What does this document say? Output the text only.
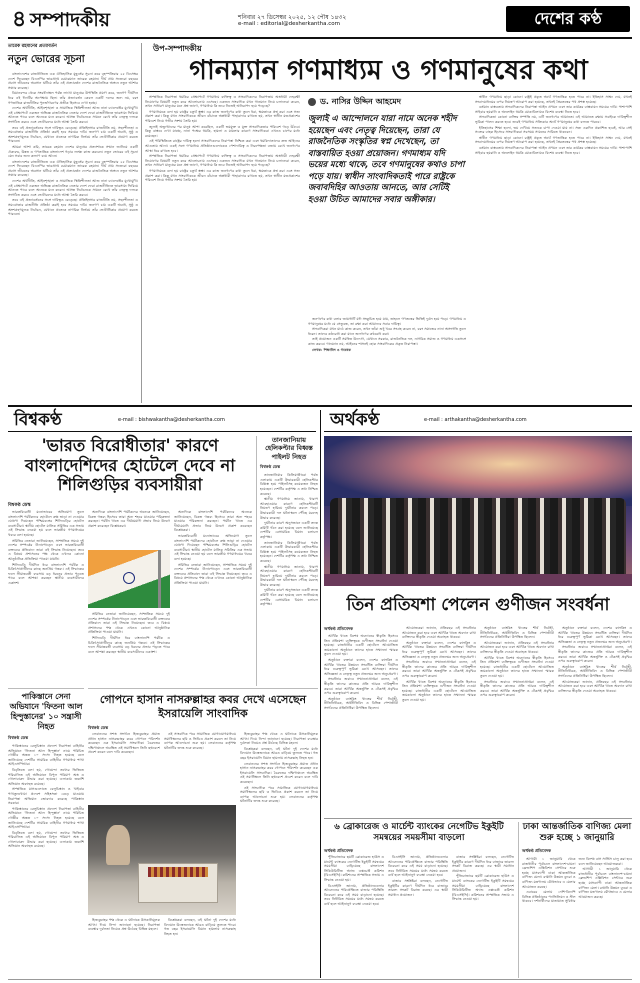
৪ সম্পাদকীয়	শনিবার ২৭ ডিসেম্বর ২০২৫, ১২ পৌষ ১৪৩২
e-mail : editorial@desherkantha.com	দেশের কণ্ঠ
তারেক রহমানের প্রত্যাবর্তন
নতুন ভোরের সূচনা

বাংলাদেশের রাজনীতিতে এক ঐতিহাসিক মুহূর্তের সূচনা করে বৃহস্পতিবার ২৫ ডিসেম্বর দেশে ফিরেছেন বিএনপির ভারপ্রাপ্ত চেয়ারম্যান তারেক রহমান। দীর্ঘ প্রায় সতেরো বছরের প্রবাস জীবনের অবসান ঘটিয়ে তাঁর এই প্রত্যাবর্তন দেশের রাজনৈতিক অঙ্গনে নতুন আশার সঞ্চার করেছে।

বিমানবন্দর থেকে সংবর্ধনাস্থল পর্যন্ত লাখো মানুষের উপস্থিতি প্রমাণ করে, জনগণ দীর্ঘদিন ধরে এই দিনটির অপেক্ষায় ছিল। তাঁর প্রত্যাবর্তন কেবল একটি দলের জন্য নয়, বরং গণতান্ত্রিক রাজনীতির পুনর্জাগরণের প্রতীক হিসেবে দেখা হচ্ছে।

দেশের অর্থনীতি, আইনশৃঙ্খলা ও সামাজিক স্থিতিশীলতা আজ নানা চ্যালেঞ্জের মুখোমুখি। এই প্রেক্ষাপটে একজন অভিজ্ঞ রাজনৈতিক নেতার দেশে ফেরা রাজনীতিতে ভারসাম্য ফিরিয়ে আনতে পারে বলে অনেকে মনে করেন। আসন্ন নির্বাচনকে সামনে রেখে তাঁর নেতৃত্ব দলকে সংগঠিত করবে এবং ভোটারদের মধ্যে আস্থা তৈরি করবে।

তবে এই প্রত্যাবর্তনের সঙ্গে দায়িত্বও বেড়েছে। প্রতিহিংসার রাজনীতি নয়, সহনশীলতা ও সমঝোতার রাজনীতি প্রতিষ্ঠা করাই হবে সময়ের দাবি। জনগণ চায় একটি অবাধ, সুষ্ঠু ও অংশগ্রহণমূলক নির্বাচন, যেখানে প্রত্যেক নাগরিক নির্ভয়ে তাঁর ভোটাধিকার প্রয়োগ করতে পারবেন।

আমরা আশা করি, তারেক রহমান দেশের মানুষের প্রত্যাশাকে সম্মান জানিয়ে একটি ঐক্যবদ্ধ, উন্নত ও গণতান্ত্রিক বাংলাদেশ গড়ার লক্ষ্যে কাজ করবেন। নতুন ভোরের এই সূচনা যেন সবার জন্য কল্যাণ বয়ে আনে।

বাংলাদেশের রাজনীতিতে এক ঐতিহাসিক মুহূর্তের সূচনা করে বৃহস্পতিবার ২৫ ডিসেম্বর দেশে ফিরেছেন বিএনপির ভারপ্রাপ্ত চেয়ারম্যান তারেক রহমান। দীর্ঘ প্রায় সতেরো বছরের প্রবাস জীবনের অবসান ঘটিয়ে তাঁর এই প্রত্যাবর্তন দেশের রাজনৈতিক অঙ্গনে নতুন আশার সঞ্চার করেছে।

দেশের অর্থনীতি, আইনশৃঙ্খলা ও সামাজিক স্থিতিশীলতা আজ নানা চ্যালেঞ্জের মুখোমুখি। এই প্রেক্ষাপটে একজন অভিজ্ঞ রাজনৈতিক নেতার দেশে ফেরা রাজনীতিতে ভারসাম্য ফিরিয়ে আনতে পারে বলে অনেকে মনে করেন। আসন্ন নির্বাচনকে সামনে রেখে তাঁর নেতৃত্ব দলকে সংগঠিত করবে এবং ভোটারদের মধ্যে আস্থা তৈরি করবে।

তবে এই প্রত্যাবর্তনের সঙ্গে দায়িত্বও বেড়েছে। প্রতিহিংসার রাজনীতি নয়, সহনশীলতা ও সমঝোতার রাজনীতি প্রতিষ্ঠা করাই হবে সময়ের দাবি। জনগণ চায় একটি অবাধ, সুষ্ঠু ও অংশগ্রহণমূলক নির্বাচন, যেখানে প্রত্যেক নাগরিক নির্ভয়ে তাঁর ভোটাধিকার প্রয়োগ করতে পারবেন।

উপ-সম্পাদকীয়
গানম্যান গণমাধ্যম ও গণমানুষের কথা

সাম্প্রতিক নিরাপত্তা হুমকির প্রেক্ষাপটে গণমাধ্যম ব্যক্তিত্ব ও সাংবাদিকদের নিরাপত্তায় অস্ত্রধারী দেহরক্ষী নিয়োগের বিষয়টি নতুন করে আলোচনায় এসেছে। একজন সাংবাদিক যখন গানম্যান নিয়ে চলাফেরা করেন, তখন সাধারণ মানুষের মনে প্রশ্ন জাগে, গণমাধ্যম কি তবে নিজেই অনিরাপদ হয়ে পড়েছে?

গণমাধ্যমকে বলা হয় রাষ্ট্রের চতুর্থ স্তম্ভ। এর কাজ জনগণের কথা তুলে ধরা, ক্ষমতাকে প্রশ্ন করা এবং সত্য প্রকাশ করা। কিন্তু যখন সাংবাদিককে জীবন বাঁচাতে অস্ত্রধারী পাহারাদার রাখতে হয়, তখন স্বাধীন মতপ্রকাশের পরিবেশ নিয়ে গভীর সংশয় তৈরি হয়।

জুলাই অভ্যুত্থানের পর মানুষ আশা করেছিল, একটি ভয়মুক্ত ও মুক্ত সাংবাদিকতার পরিবেশ গড়ে উঠবে। কিন্তু বাস্তবে দেখা যাচ্ছে, নানা পক্ষের হুমকি, হামলা ও মামলার কারণে সাংবাদিকরা এখনও চাপের মধ্যে রয়েছেন।

এই পরিস্থিতিতে রাষ্ট্রের দায়িত্ব হলো সাংবাদিকদের নিরাপত্তা নিশ্চিত করা এবং হুমকিদাতাদের দ্রুত আইনের আওতায় আনা। একই সঙ্গে গণমাধ্যম প্রতিষ্ঠানগুলোকেও পেশাদারিত্ব ও নিরপেক্ষতা বজায় রেখে জনগণের আস্থা ধরে রাখতে হবে।

সাম্প্রতিক নিরাপত্তা হুমকির প্রেক্ষাপটে গণমাধ্যম ব্যক্তিত্ব ও সাংবাদিকদের নিরাপত্তায় অস্ত্রধারী দেহরক্ষী নিয়োগের বিষয়টি নতুন করে আলোচনায় এসেছে। একজন সাংবাদিক যখন গানম্যান নিয়ে চলাফেরা করেন, তখন সাধারণ মানুষের মনে প্রশ্ন জাগে, গণমাধ্যম কি তবে নিজেই অনিরাপদ হয়ে পড়েছে?

গণমাধ্যমকে বলা হয় রাষ্ট্রের চতুর্থ স্তম্ভ। এর কাজ জনগণের কথা তুলে ধরা, ক্ষমতাকে প্রশ্ন করা এবং সত্য প্রকাশ করা। কিন্তু যখন সাংবাদিককে জীবন বাঁচাতে অস্ত্রধারী পাহারাদার রাখতে হয়, তখন স্বাধীন মতপ্রকাশের পরিবেশ নিয়ে গভীর সংশয় তৈরি হয়।

ড. নাসির উদ্দিন আহমেদ
জুলাই এ আন্দোলনে যারা নামে অনেক শহীদ হয়েছেন এবং নেতৃত্ব দিয়েছেন, তারা যে রাজনৈতিক সংস্কৃতির স্বপ্ন দেখেছেন, তা বাস্তবায়িত হওয়া প্রয়োজন। গণমাধ্যম যদি ভয়ের মধ্যে থাকে, তবে গণমানুষের কথাও চাপা পড়ে যায়। স্বাধীন সাংবাদিকতাই পারে রাষ্ট্রকে জবাবদিহির আওতায় আনতে, আর সেটিই হওয়া উচিত আমাদের সবার অঙ্গীকার।

জনগণের কথা বলার জায়গাটি যদি সংকুচিত হয়ে যায়, তাহলে গণতন্ত্রের ভিত্তিই দুর্বল হয়ে পড়ে। গণমাধ্যম ও গণমানুষের মধ্যে যে সেতুবন্ধ, তা রক্ষা করা আমাদের সবার দায়িত্ব।

সাংবাদিকরা যখন মাঠে কাজ করেন, তখন তাঁরা শুধু খবর সংগ্রহ করেন না, বরং সমাজের নানা অসংগতি তুলে ধরেন। তাদের কণ্ঠরোধ করা মানে জনগণের কণ্ঠরোধ করা।

তাই প্রয়োজন একটি সমন্বিত উদ্যোগ, যেখানে সরকার, রাজনৈতিক দল, নাগরিক সমাজ ও গণমাধ্যম একসঙ্গে কাজ করবে। গানম্যান নয়, আইনের শাসনই হোক সাংবাদিকের প্রকৃত নিরাপত্তা।

লেখক: শিক্ষাবিদ ও গবেষক

স্বাধীন গণমাধ্যম ছাড়া কোনো রাষ্ট্রই প্রকৃত অর্থে গণতান্ত্রিক হতে পারে না। ইতিহাস সাক্ষ্য দেয়, যখনই সংবাদমাধ্যমের ওপর নিয়ন্ত্রণ আরোপ করা হয়েছে, তখনই স্বৈরতন্ত্রের পথ প্রশস্ত হয়েছে।

বর্তমান বাস্তবতায় সাংবাদিকদের নিরাপত্তা আইন প্রণয়ন এবং তার কার্যকর বাস্তবায়ন সময়ের দাবি। পাশাপাশি সাইবার হয়রানি ও অনলাইন হুমকি মোকাবিলায়ও বিশেষ ব্যবস্থা নিতে হবে।

সাংবাদিকতা কোনো ব্যক্তির সম্পত্তি নয়, এটি জনগণের আমানত। এই আমানত রক্ষায় সবাইকে দায়িত্বশীল ভূমিকা পালন করতে হবে। তবেই গণমাধ্যম সত্যিকার অর্থে গণমানুষের কথা বলতে পারবে।

ইতিহাসের শিক্ষা হলো, ভয় দেখিয়ে সত্যকে চাপা দেওয়া যায় না। সত্য একদিন প্রকাশিত হবেই, আর সেই সত্যের বাহক হিসেবে সাংবাদিকরা সবসময় সামনের সারিতে থাকবেন।

স্বাধীন গণমাধ্যম ছাড়া কোনো রাষ্ট্রই প্রকৃত অর্থে গণতান্ত্রিক হতে পারে না। ইতিহাস সাক্ষ্য দেয়, যখনই সংবাদমাধ্যমের ওপর নিয়ন্ত্রণ আরোপ করা হয়েছে, তখনই স্বৈরতন্ত্রের পথ প্রশস্ত হয়েছে।

বর্তমান বাস্তবতায় সাংবাদিকদের নিরাপত্তা আইন প্রণয়ন এবং তার কার্যকর বাস্তবায়ন সময়ের দাবি। পাশাপাশি সাইবার হয়রানি ও অনলাইন হুমকি মোকাবিলায়ও বিশেষ ব্যবস্থা নিতে হবে।

বিশ্বকণ্ঠ	e-mail : bishwakantha@desherkantha.com	অর্থকণ্ঠ	e-mail : arthakantha@desherkantha.com
'ভারত বিরোধীতার' কারণে বাংলাদেশিদের হোটেলে দেবে না শিলিগুড়ির ব্যবসায়ীরা
বিশ্বকণ্ঠ ডেস্ক

ভারতবিরোধী মনোভাবের অভিযোগ তুলে বাংলাদেশি পর্যটকদের হোটেলে কক্ষ ভাড়া না দেওয়ার ঘোষণা দিয়েছেন পশ্চিমবঙ্গের শিলিগুড়ির হোটেল ব্যবসায়ীরা। স্থানীয় হোটেল মালিক সমিতির এক সভায় এই সিদ্ধান্ত নেওয়া হয় বলে ভারতীয় গণমাধ্যমের খবরে বলা হয়েছে।

সমিতির নেতারা জানিয়েছেন, সাম্প্রতিক সময়ে দুই দেশের সম্পর্কের টানাপোড়েন এবং ভারতবিরোধী বক্তব্যের প্রতিবাদে তারা এই সিদ্ধান্ত নিয়েছেন। তবে এ বিষয়ে প্রশাসনের পক্ষ থেকে এখনও কোনো আনুষ্ঠানিক প্রতিক্রিয়া পাওয়া যায়নি।

শিলিগুড়ি দীর্ঘদিন ধরে বাংলাদেশি পর্যটক ও চিকিৎসাপ্রার্থীদের কাছে জনপ্রিয় গন্তব্য। এই সিদ্ধান্তের ফলে সীমান্তবর্তী ব্যবসায় বড় ধরনের প্রভাব পড়তে পারে বলে আশঙ্কা করছেন স্থানীয় ব্যবসায়ীদের একাংশ।

অন্যদিকে বাংলাদেশি পর্যটকদের অনেকে জানিয়েছেন, বিকল্প গন্তব্য হিসেবে তারা অন্য শহরে যাওয়ার পরিকল্পনা করছেন। পর্যটন খাতে এর দীর্ঘমেয়াদি প্রভাব নিয়ে উদ্বেগ প্রকাশ করেছেন বিশ্লেষকরা।

সমিতির নেতারা জানিয়েছেন, সাম্প্রতিক সময়ে দুই দেশের সম্পর্কের টানাপোড়েন এবং ভারতবিরোধী বক্তব্যের প্রতিবাদে তারা এই সিদ্ধান্ত নিয়েছেন। তবে এ বিষয়ে প্রশাসনের পক্ষ থেকে এখনও কোনো আনুষ্ঠানিক প্রতিক্রিয়া পাওয়া যায়নি।

শিলিগুড়ি দীর্ঘদিন ধরে বাংলাদেশি পর্যটক ও চিকিৎসাপ্রার্থীদের কাছে জনপ্রিয় গন্তব্য। এই সিদ্ধান্তের ফলে সীমান্তবর্তী ব্যবসায় বড় ধরনের প্রভাব পড়তে পারে বলে আশঙ্কা করছেন স্থানীয় ব্যবসায়ীদের একাংশ।

অন্যদিকে বাংলাদেশি পর্যটকদের অনেকে জানিয়েছেন, বিকল্প গন্তব্য হিসেবে তারা অন্য শহরে যাওয়ার পরিকল্পনা করছেন। পর্যটন খাতে এর দীর্ঘমেয়াদি প্রভাব নিয়ে উদ্বেগ প্রকাশ করেছেন বিশ্লেষকরা।

ভারতবিরোধী মনোভাবের অভিযোগ তুলে বাংলাদেশি পর্যটকদের হোটেলে কক্ষ ভাড়া না দেওয়ার ঘোষণা দিয়েছেন পশ্চিমবঙ্গের শিলিগুড়ির হোটেল ব্যবসায়ীরা। স্থানীয় হোটেল মালিক সমিতির এক সভায় এই সিদ্ধান্ত নেওয়া হয় বলে ভারতীয় গণমাধ্যমের খবরে বলা হয়েছে।

সমিতির নেতারা জানিয়েছেন, সাম্প্রতিক সময়ে দুই দেশের সম্পর্কের টানাপোড়েন এবং ভারতবিরোধী বক্তব্যের প্রতিবাদে তারা এই সিদ্ধান্ত নিয়েছেন। তবে এ বিষয়ে প্রশাসনের পক্ষ থেকে এখনও কোনো আনুষ্ঠানিক প্রতিক্রিয়া পাওয়া যায়নি।

তানজানিয়ায় হেলিকপ্টার বিধ্বস্ত পাইলট নিহত
বিশ্বকণ্ঠ ডেস্ক

তানজানিয়ার কিলিমাঞ্জারো পর্বত এলাকায় একটি উদ্ধারকারী হেলিকপ্টার বিধ্বস্ত হয়ে পাইলটসহ কয়েকজন নিহত হয়েছেন। দেশটির কর্তৃপক্ষ এ তথ্য নিশ্চিত করেছে।

স্থানীয় গণমাধ্যম জানায়, খারাপ আবহাওয়ার কারণে হেলিকপ্টারটি নিয়ন্ত্রণ হারিয়ে দুর্ঘটনার কবলে পড়ে। উদ্ধারকারী দল ঘটনাস্থলে পৌঁছে মরদেহ উদ্ধার করেছে।

দুর্ঘটনার কারণ অনুসন্ধানে একটি তদন্ত কমিটি গঠন করা হয়েছে বলে জানিয়েছে দেশটির বেসামরিক বিমান চলাচল কর্তৃপক্ষ।

তানজানিয়ার কিলিমাঞ্জারো পর্বত এলাকায় একটি উদ্ধারকারী হেলিকপ্টার বিধ্বস্ত হয়ে পাইলটসহ কয়েকজন নিহত হয়েছেন। দেশটির কর্তৃপক্ষ এ তথ্য নিশ্চিত করেছে।

স্থানীয় গণমাধ্যম জানায়, খারাপ আবহাওয়ার কারণে হেলিকপ্টারটি নিয়ন্ত্রণ হারিয়ে দুর্ঘটনার কবলে পড়ে। উদ্ধারকারী দল ঘটনাস্থলে পৌঁছে মরদেহ উদ্ধার করেছে।

দুর্ঘটনার কারণ অনুসন্ধানে একটি তদন্ত কমিটি গঠন করা হয়েছে বলে জানিয়েছে দেশটির বেসামরিক বিমান চলাচল কর্তৃপক্ষ।

পাকিস্তানে সেনা অভিযানে 'ফিতনা আল হিন্দুস্তানের' ১০ সন্ত্রাসী নিহত
বিশ্বকণ্ঠ ডেস্ক

পাকিস্তানের বেলুচিস্তান প্রদেশে নিরাপত্তা বাহিনীর অভিযানে 'ফিতনা আল হিন্দুস্তান' নামে পরিচিত গোষ্ঠীর অন্তত ১০ সদস্য নিহত হয়েছে বলে জানিয়েছে দেশটির সামরিক বাহিনীর গণমাধ্যম শাখা আইএসপিআর।

বিবৃতিতে বলা হয়, গোয়েন্দা তথ্যের ভিত্তিতে পরিচালিত এই অভিযানে বিপুল পরিমাণ অস্ত্র ও গোলাবারুদ উদ্ধার করা হয়েছে। এলাকায় তল্লাশি অভিযান অব্যাহত রয়েছে।

সাম্প্রতিক মাসগুলোতে বেলুচিস্তান ও খাইবার পাখতুনখোয়া প্রদেশে সহিংসতা বেড়ে যাওয়ায় নিরাপত্তা অভিযান জোরদার করেছে পাকিস্তান সরকার।

পাকিস্তানের বেলুচিস্তান প্রদেশে নিরাপত্তা বাহিনীর অভিযানে 'ফিতনা আল হিন্দুস্তান' নামে পরিচিত গোষ্ঠীর অন্তত ১০ সদস্য নিহত হয়েছে বলে জানিয়েছে দেশটির সামরিক বাহিনীর গণমাধ্যম শাখা আইএসপিআর।

বিবৃতিতে বলা হয়, গোয়েন্দা তথ্যের ভিত্তিতে পরিচালিত এই অভিযানে বিপুল পরিমাণ অস্ত্র ও গোলাবারুদ উদ্ধার করা হয়েছে। এলাকায় তল্লাশি অভিযান অব্যাহত রয়েছে।

গোপনে হাসান নাসরুল্লাহর কবর দেখে এসেছেন ইসরায়েলি সাংবাদিক
বিশ্বকণ্ঠ ডেস্ক

লেবাননের সশস্ত্র সংগঠন হিজবুল্লাহর প্রয়াত প্রধান হাসান নাসরুল্লাহর কবর গোপনে পরিদর্শন করেছেন এক ইসরায়েলি সাংবাদিক। বৈরুতের দক্ষিণাঞ্চলে অবস্থিত ওই সমাধিস্থলে তিনি ছদ্মবেশে প্রবেশ করেন বলে দাবি করেছেন।

ওই সাংবাদিক পরে সামাজিক যোগাযোগমাধ্যমে সমাধিস্থলের ছবি ও ভিডিও প্রকাশ করলে তা নিয়ে ব্যাপক আলোচনা শুরু হয়। লেবাননের কর্তৃপক্ষ ঘটনাটির তদন্ত শুরু করেছে।

হিজবুল্লাহর পক্ষ থেকে এ ঘটনাকে উসকানিমূলক আখ্যা দিয়ে নিন্দা জানানো হয়েছে। নিরাপত্তা ব্যবস্থার দুর্বলতা নিয়েও প্রশ্ন উঠেছে বিভিন্ন মহলে।

বিশ্লেষকরা বলছেন, এই ঘটনা দুই দেশের মধ্যে বিদ্যমান উত্তেজনাকে আরও বাড়িয়ে তুলতে পারে। গত বছর ইসরায়েলি বিমান হামলায় নাসরুল্লাহ নিহত হন।

লেবাননের সশস্ত্র সংগঠন হিজবুল্লাহর প্রয়াত প্রধান হাসান নাসরুল্লাহর কবর গোপনে পরিদর্শন করেছেন এক ইসরায়েলি সাংবাদিক। বৈরুতের দক্ষিণাঞ্চলে অবস্থিত ওই সমাধিস্থলে তিনি ছদ্মবেশে প্রবেশ করেন বলে দাবি করেছেন।

ওই সাংবাদিক পরে সামাজিক যোগাযোগমাধ্যমে সমাধিস্থলের ছবি ও ভিডিও প্রকাশ করলে তা নিয়ে ব্যাপক আলোচনা শুরু হয়। লেবাননের কর্তৃপক্ষ ঘটনাটির তদন্ত শুরু করেছে।

হিজবুল্লাহর পক্ষ থেকে এ ঘটনাকে উসকানিমূলক আখ্যা দিয়ে নিন্দা জানানো হয়েছে। নিরাপত্তা ব্যবস্থার দুর্বলতা নিয়েও প্রশ্ন উঠেছে বিভিন্ন মহলে।

বিশ্লেষকরা বলছেন, এই ঘটনা দুই দেশের মধ্যে বিদ্যমান উত্তেজনাকে আরও বাড়িয়ে তুলতে পারে। গত বছর ইসরায়েলি বিমান হামলায় নাসরুল্লাহ নিহত হন।

তিন প্রতিযশা পেলেন গুণীজন সংবর্ধনা
অর্থকণ্ঠ প্রতিবেদক

আর্থিক খাতে বিশেষ অবদানের স্বীকৃতি হিসেবে তিন প্রতিযশা ব্যক্তিত্বকে গুণীজন সংবর্ধনা দেওয়া হয়েছে। রাজধানীর একটি হোটেলে আয়োজিত জমকালো অনুষ্ঠানে তাদের হাতে সম্মাননা স্মারক তুলে দেওয়া হয়।

অনুষ্ঠানে বক্তারা বলেন, দেশের ব্যাংকিং ও আর্থিক খাতের উন্নয়নে সংবর্ধিত ব্যক্তিরা দীর্ঘদিন ধরে গুরুত্বপূর্ণ ভূমিকা রেখে আসছেন। তাদের অভিজ্ঞতা ও নেতৃত্ব নতুন প্রজন্মের জন্য অনুপ্রেরণা।

সংবর্ধনার জবাবে সম্মাননাপ্রাপ্তরা বলেন, এই স্বীকৃতি তাদের কাজের প্রতি আরও দায়িত্বশীল করবে। তারা আর্থিক অন্তর্ভুক্তি ও টেকসই প্রবৃদ্ধির ওপর গুরুত্বারোপ করেন।

অনুষ্ঠানে ব্যাংকিং খাতের শীর্ষ নির্বাহী, নীতিনির্ধারক, অর্থনীতিবিদ ও বিভিন্ন পেশাজীবী সংগঠনের প্রতিনিধিরা উপস্থিত ছিলেন।

আয়োজকরা জানান, প্রতিবছর এই সংবর্ধনার আয়োজন করা হবে এবং আর্থিক খাতে অবদান রাখা ব্যক্তিদের স্বীকৃতি দেওয়া অব্যাহত থাকবে।

অনুষ্ঠানে বক্তারা বলেন, দেশের ব্যাংকিং ও আর্থিক খাতের উন্নয়নে সংবর্ধিত ব্যক্তিরা দীর্ঘদিন ধরে গুরুত্বপূর্ণ ভূমিকা রেখে আসছেন। তাদের অভিজ্ঞতা ও নেতৃত্ব নতুন প্রজন্মের জন্য অনুপ্রেরণা।

সংবর্ধনার জবাবে সম্মাননাপ্রাপ্তরা বলেন, এই স্বীকৃতি তাদের কাজের প্রতি আরও দায়িত্বশীল করবে। তারা আর্থিক অন্তর্ভুক্তি ও টেকসই প্রবৃদ্ধির ওপর গুরুত্বারোপ করেন।

আর্থিক খাতে বিশেষ অবদানের স্বীকৃতি হিসেবে তিন প্রতিযশা ব্যক্তিত্বকে গুণীজন সংবর্ধনা দেওয়া হয়েছে। রাজধানীর একটি হোটেলে আয়োজিত জমকালো অনুষ্ঠানে তাদের হাতে সম্মাননা স্মারক তুলে দেওয়া হয়।

অনুষ্ঠানে ব্যাংকিং খাতের শীর্ষ নির্বাহী, নীতিনির্ধারক, অর্থনীতিবিদ ও বিভিন্ন পেশাজীবী সংগঠনের প্রতিনিধিরা উপস্থিত ছিলেন।

আয়োজকরা জানান, প্রতিবছর এই সংবর্ধনার আয়োজন করা হবে এবং আর্থিক খাতে অবদান রাখা ব্যক্তিদের স্বীকৃতি দেওয়া অব্যাহত থাকবে।

আর্থিক খাতে বিশেষ অবদানের স্বীকৃতি হিসেবে তিন প্রতিযশা ব্যক্তিত্বকে গুণীজন সংবর্ধনা দেওয়া হয়েছে। রাজধানীর একটি হোটেলে আয়োজিত জমকালো অনুষ্ঠানে তাদের হাতে সম্মাননা স্মারক তুলে দেওয়া হয়।

সংবর্ধনার জবাবে সম্মাননাপ্রাপ্তরা বলেন, এই স্বীকৃতি তাদের কাজের প্রতি আরও দায়িত্বশীল করবে। তারা আর্থিক অন্তর্ভুক্তি ও টেকসই প্রবৃদ্ধির ওপর গুরুত্বারোপ করেন।

অনুষ্ঠানে বক্তারা বলেন, দেশের ব্যাংকিং ও আর্থিক খাতের উন্নয়নে সংবর্ধিত ব্যক্তিরা দীর্ঘদিন ধরে গুরুত্বপূর্ণ ভূমিকা রেখে আসছেন। তাদের অভিজ্ঞতা ও নেতৃত্ব নতুন প্রজন্মের জন্য অনুপ্রেরণা।

সংবর্ধনার জবাবে সম্মাননাপ্রাপ্তরা বলেন, এই স্বীকৃতি তাদের কাজের প্রতি আরও দায়িত্বশীল করবে। তারা আর্থিক অন্তর্ভুক্তি ও টেকসই প্রবৃদ্ধির ওপর গুরুত্বারোপ করেন।

অনুষ্ঠানে ব্যাংকিং খাতের শীর্ষ নির্বাহী, নীতিনির্ধারক, অর্থনীতিবিদ ও বিভিন্ন পেশাজীবী সংগঠনের প্রতিনিধিরা উপস্থিত ছিলেন।

আয়োজকরা জানান, প্রতিবছর এই সংবর্ধনার আয়োজন করা হবে এবং আর্থিক খাতে অবদান রাখা ব্যক্তিদের স্বীকৃতি দেওয়া অব্যাহত থাকবে।

৬ ব্রোকারেজ ও মার্চেন্ট ব্যাংকের নেগেটিভ ইকুইটি সমন্বয়ের সময়সীমা বাড়লো
অর্থকণ্ঠ প্রতিবেদক

পুঁজিবাজারে ছয়টি ব্রোকারেজ হাউস ও মার্চেন্ট ব্যাংকের নেগেটিভ ইকুইটি সমন্বয়ের সময়সীমা বাড়িয়েছে বাংলাদেশ সিকিউরিটিজ অ্যান্ড এক্সচেঞ্জ কমিশন (বিএসইসি)। কমিশনের সাম্প্রতিক সভায় এ সিদ্ধান্ত নেওয়া হয়।

বিএসইসি জানায়, প্রতিষ্ঠানগুলোর আবেদনের পরিপ্রেক্ষিতে বাজার পরিস্থিতি বিবেচনা করে এই সময় বাড়ানো হয়েছে। তবে নির্ধারিত সময়ের মধ্যে সমন্বয় করতে ব্যর্থ হলে আইনানুগ ব্যবস্থা নেওয়া হবে।

বিএসইসি জানায়, প্রতিষ্ঠানগুলোর আবেদনের পরিপ্রেক্ষিতে বাজার পরিস্থিতি বিবেচনা করে এই সময় বাড়ানো হয়েছে। তবে নির্ধারিত সময়ের মধ্যে সমন্বয় করতে ব্যর্থ হলে আইনানুগ ব্যবস্থা নেওয়া হবে।

বাজার সংশ্লিষ্টরা বলছেন, নেগেটিভ ইকুইটির কারণে দীর্ঘদিন ধরে বাজারে তারল্য সংকট বিরাজ করছে। এর স্থায়ী সমাধান প্রয়োজন।

বাজার সংশ্লিষ্টরা বলছেন, নেগেটিভ ইকুইটির কারণে দীর্ঘদিন ধরে বাজারে তারল্য সংকট বিরাজ করছে। এর স্থায়ী সমাধান প্রয়োজন।

পুঁজিবাজারে ছয়টি ব্রোকারেজ হাউস ও মার্চেন্ট ব্যাংকের নেগেটিভ ইকুইটি সমন্বয়ের সময়সীমা বাড়িয়েছে বাংলাদেশ সিকিউরিটিজ অ্যান্ড এক্সচেঞ্জ কমিশন (বিএসইসি)। কমিশনের সাম্প্রতিক সভায় এ সিদ্ধান্ত নেওয়া হয়।

ঢাকা আন্তর্জাতিক বাণিজ্য মেলা শুরু হচ্ছে ১ জানুয়ারি
অর্থকণ্ঠ প্রতিবেদক

আগামী ১ জানুয়ারি থেকে রাজধানীর পূর্বাচলে বাংলাদেশ-চায়না ফ্রেন্ডশিপ এক্সিবিশন সেন্টারে শুরু হচ্ছে মাসব্যাপী ঢাকা আন্তর্জাতিক বাণিজ্য মেলা। রপ্তানি উন্নয়ন ব্যুরো ও বাণিজ্য মন্ত্রণালয় যৌথভাবে এ মেলার আয়োজন করছে।

এবারের মেলায় দেশি-বিদেশি বিভিন্ন প্রতিষ্ঠানের প্যাভিলিয়ন ও স্টল থাকবে। দর্শনার্থীদের যাতায়াত সুবিধার জন্য বিশেষ বাস সার্ভিস চালু করা হবে বলে জানিয়েছেন আয়োজকরা।

আগামী ১ জানুয়ারি থেকে রাজধানীর পূর্বাচলে বাংলাদেশ-চায়না ফ্রেন্ডশিপ এক্সিবিশন সেন্টারে শুরু হচ্ছে মাসব্যাপী ঢাকা আন্তর্জাতিক বাণিজ্য মেলা। রপ্তানি উন্নয়ন ব্যুরো ও বাণিজ্য মন্ত্রণালয় যৌথভাবে এ মেলার আয়োজন করছে।
